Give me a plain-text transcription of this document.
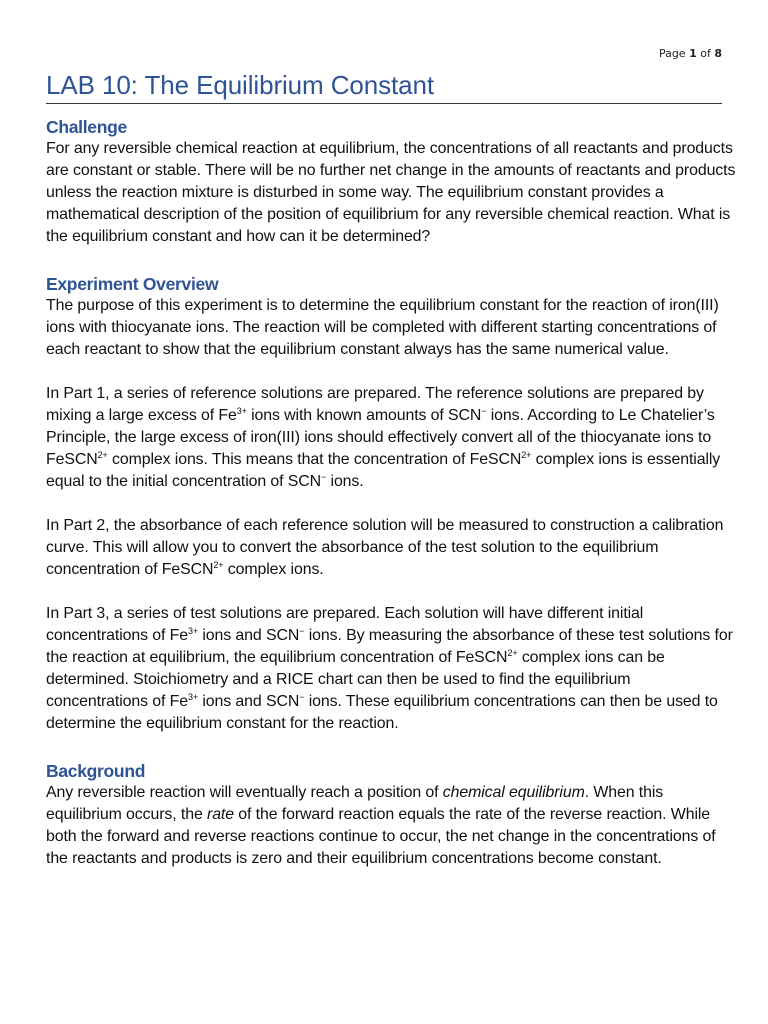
Page 1 of 8
LAB 10: The Equilibrium Constant
Challenge

For any reversible chemical reaction at equilibrium, the concentrations of all reactants and products are constant or stable. There will be no further net change in the amounts of reactants and products unless the reaction mixture is disturbed in some way. The equilibrium constant provides a mathematical description of the position of equilibrium for any reversible chemical reaction. What is the equilibrium constant and how can it be determined?

Experiment Overview

The purpose of this experiment is to determine the equilibrium constant for the reaction of iron(III) ions with thiocyanate ions. The reaction will be completed with different starting concentrations of each reactant to show that the equilibrium constant always has the same numerical value.

In Part 1, a series of reference solutions are prepared. The reference solutions are prepared by mixing a large excess of $Fe^{3+}$ ions with known amounts of SCN− ions. According to Le Chatelier’s Principle, the large excess of iron(III) ions should effectively convert all of the thiocyanate ions to FeSCN$^{2+}$ complex ions. This means that the concentration of FeSCN$^{2+}$ complex ions is essentially equal to the initial concentration of SCN− ions.

In Part 2, the absorbance of each reference solution will be measured to construction a calibration curve. This will allow you to convert the absorbance of the test solution to the equilibrium concentration of FeSCN$^{2+}$ complex ions.

In Part 3, a series of test solutions are prepared. Each solution will have different initial concentrations of $Fe^{3+}$ ions and SCN− ions. By measuring the absorbance of these test solutions for the reaction at equilibrium, the equilibrium concentration of FeSCN$^{2+}$ complex ions can be determined. Stoichiometry and a RICE chart can then be used to find the equilibrium concentrations of $Fe^{3+}$ ions and SCN− ions. These equilibrium concentrations can then be used to determine the equilibrium constant for the reaction.

Background

Any reversible reaction will eventually reach a position of chemical equilibrium. When this equilibrium occurs, the rate of the forward reaction equals the rate of the reverse reaction. While both the forward and reverse reactions continue to occur, the net change in the concentrations of the reactants and products is zero and their equilibrium concentrations become constant.
